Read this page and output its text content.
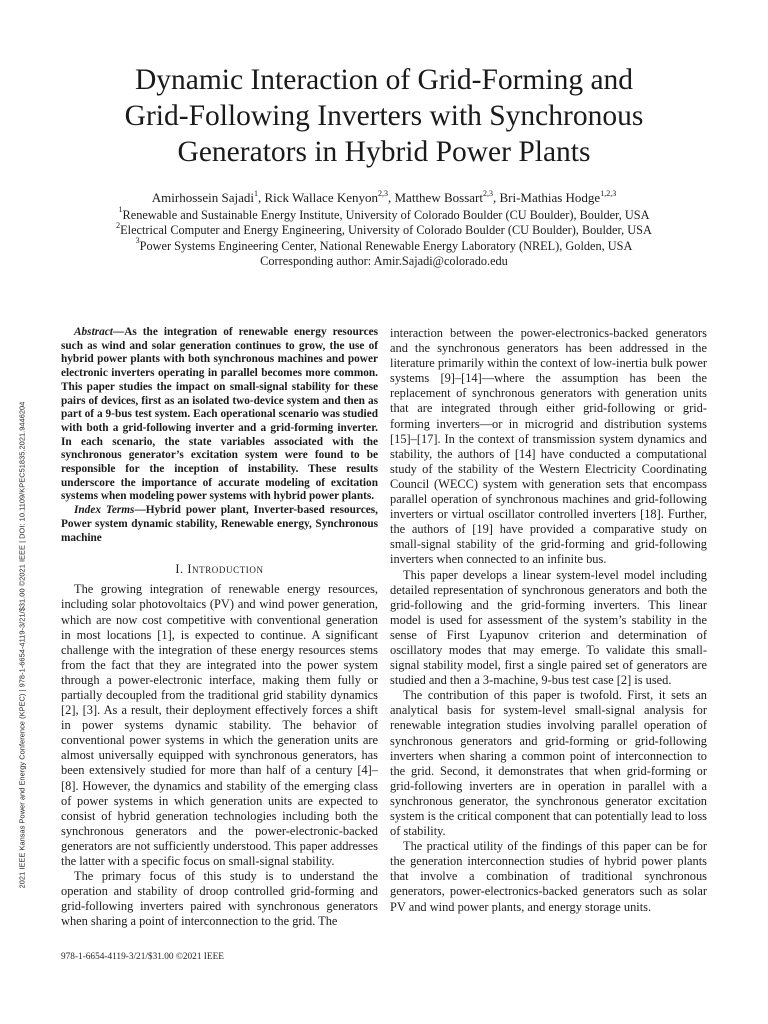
2021 IEEE Kansas Power and Energy Conference (KPEC) | 978-1-6654-4119-3/21/$31.00 ©2021 IEEE | DOI: 10.1109/KPEC51835.2021.9446204
Dynamic Interaction of Grid-Forming and
Grid-Following Inverters with Synchronous
Generators in Hybrid Power Plants
Amirhossein Sajadi$^1$, Rick Wallace Kenyon$^{2,3}$, Matthew Bossart$^{2,3}$, Bri-Mathias Hodge$^{1,2,3}$
$^1$Renewable and Sustainable Energy Institute, University of Colorado Boulder (CU Boulder), Boulder, USA
$^2$Electrical Computer and Energy Engineering, University of Colorado Boulder (CU Boulder), Boulder, USA
$^3$Power Systems Engineering Center, National Renewable Energy Laboratory (NREL), Golden, USA
Corresponding author: Amir.Sajadi@colorado.edu

Abstract—As the integration of renewable energy resources such as wind and solar generation continues to grow, the use of hybrid power plants with both synchronous machines and power electronic inverters operating in parallel becomes more common. This paper studies the impact on small-signal stability for these pairs of devices, first as an isolated two-device system and then as part of a 9-bus test system. Each operational scenario was studied with both a grid-following inverter and a grid-forming inverter. In each scenario, the state variables associated with the synchronous generator’s excitation system were found to be responsible for the inception of instability. These results underscore the importance of accurate modeling of excitation systems when modeling power systems with hybrid power plants.

Index Terms—Hybrid power plant, Inverter-based resources, Power system dynamic stability, Renewable energy, Synchronous machine

I. Introduction

The growing integration of renewable energy resources, including solar photovoltaics (PV) and wind power generation, which are now cost competitive with conventional generation in most locations [1], is expected to continue. A significant challenge with the integration of these energy resources stems from the fact that they are integrated into the power system through a power-electronic interface, making them fully or partially decoupled from the traditional grid stability dynamics [2], [3]. As a result, their deployment effectively forces a shift in power systems dynamic stability. The behavior of conventional power systems in which the generation units are almost universally equipped with synchronous generators, has been extensively studied for more than half of a century [4]–[8]. However, the dynamics and stability of the emerging class of power systems in which generation units are expected to consist of hybrid generation technologies including both the synchronous generators and the power-electronic-backed generators are not sufficiently understood. This paper addresses the latter with a specific focus on small-signal stability.

The primary focus of this study is to understand the operation and stability of droop controlled grid-forming and grid-following inverters paired with synchronous generators when sharing a point of interconnection to the grid. The

interaction between the power-electronics-backed generators and the synchronous generators has been addressed in the literature primarily within the context of low-inertia bulk power systems [9]–[14]—where the assumption has been the replacement of synchronous generators with generation units that are integrated through either grid-following or grid-forming inverters—or in microgrid and distribution systems [15]–[17]. In the context of transmission system dynamics and stability, the authors of [14] have conducted a computational study of the stability of the Western Electricity Coordinating Council (WECC) system with generation sets that encompass parallel operation of synchronous machines and grid-following inverters or virtual oscillator controlled inverters [18]. Further, the authors of [19] have provided a comparative study on small-signal stability of the grid-forming and grid-following inverters when connected to an infinite bus.

This paper develops a linear system-level model including detailed representation of synchronous generators and both the grid-following and the grid-forming inverters. This linear model is used for assessment of the system’s stability in the sense of First Lyapunov criterion and determination of oscillatory modes that may emerge. To validate this small-signal stability model, first a single paired set of generators are studied and then a 3-machine, 9-bus test case [2] is used.

The contribution of this paper is twofold. First, it sets an analytical basis for system-level small-signal analysis for renewable integration studies involving parallel operation of synchronous generators and grid-forming or grid-following inverters when sharing a common point of interconnection to the grid. Second, it demonstrates that when grid-forming or grid-following inverters are in operation in parallel with a synchronous generator, the synchronous generator excitation system is the critical component that can potentially lead to loss of stability.

The practical utility of the findings of this paper can be for the generation interconnection studies of hybrid power plants that involve a combination of traditional synchronous generators, power-electronics-backed generators such as solar PV and wind power plants, and energy storage units.

978-1-6654-4119-3/21/$31.00 ©2021 IEEE
